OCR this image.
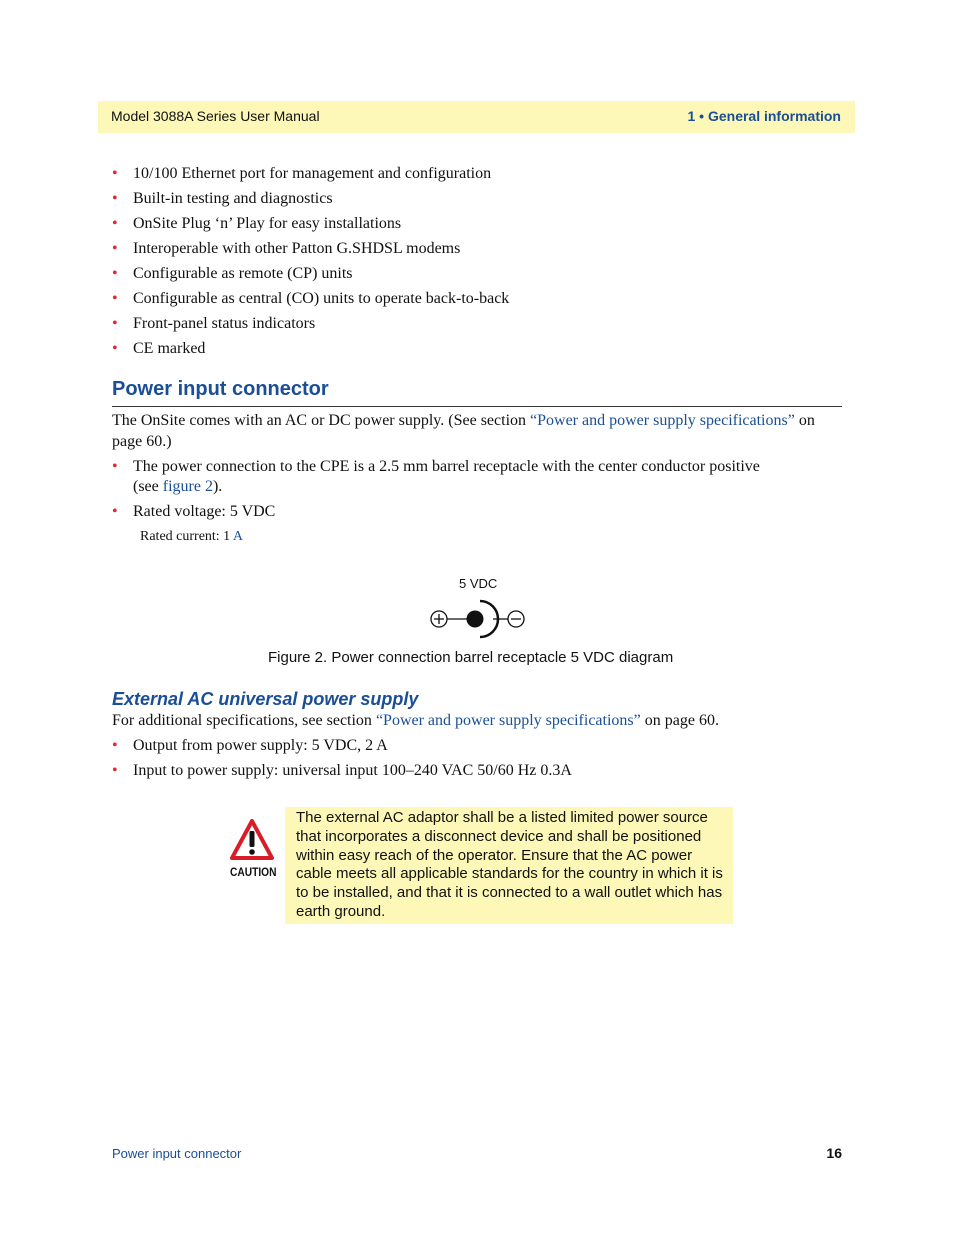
Model 3088A Series User Manual	1 • General information
• 10/100 Ethernet port for management and configuration
• Built-in testing and diagnostics
• OnSite Plug ‘n’ Play for easy installations
• Interoperable with other Patton G.SHDSL modems
• Configurable as remote (CP) units
• Configurable as central (CO) units to operate back-to-back
• Front-panel status indicators
• CE marked
Power input connector
The OnSite comes with an AC or DC power supply. (See section “Power and power supply specifications” on
page 60.)
• The power connection to the CPE is a 2.5 mm barrel receptacle with the center conductor positive
(see figure 2).
• Rated voltage: 5 VDC
Rated current: 1 A
5 VDC
Figure 2. Power connection barrel receptacle 5 VDC diagram
External AC universal power supply
For additional specifications, see section “Power and power supply specifications” on page 60.
• Output from power supply: 5 VDC, 2 A
• Input to power supply: universal input 100–240 VAC 50/60 Hz 0.3A
CAUTION
The external AC adaptor shall be a listed limited power source that incorporates a disconnect device and shall be positioned within easy reach of the operator. Ensure that the AC power cable meets all applicable standards for the country in which it is to be installed, and that it is connected to a wall outlet which has earth ground.
Power input connector	16
